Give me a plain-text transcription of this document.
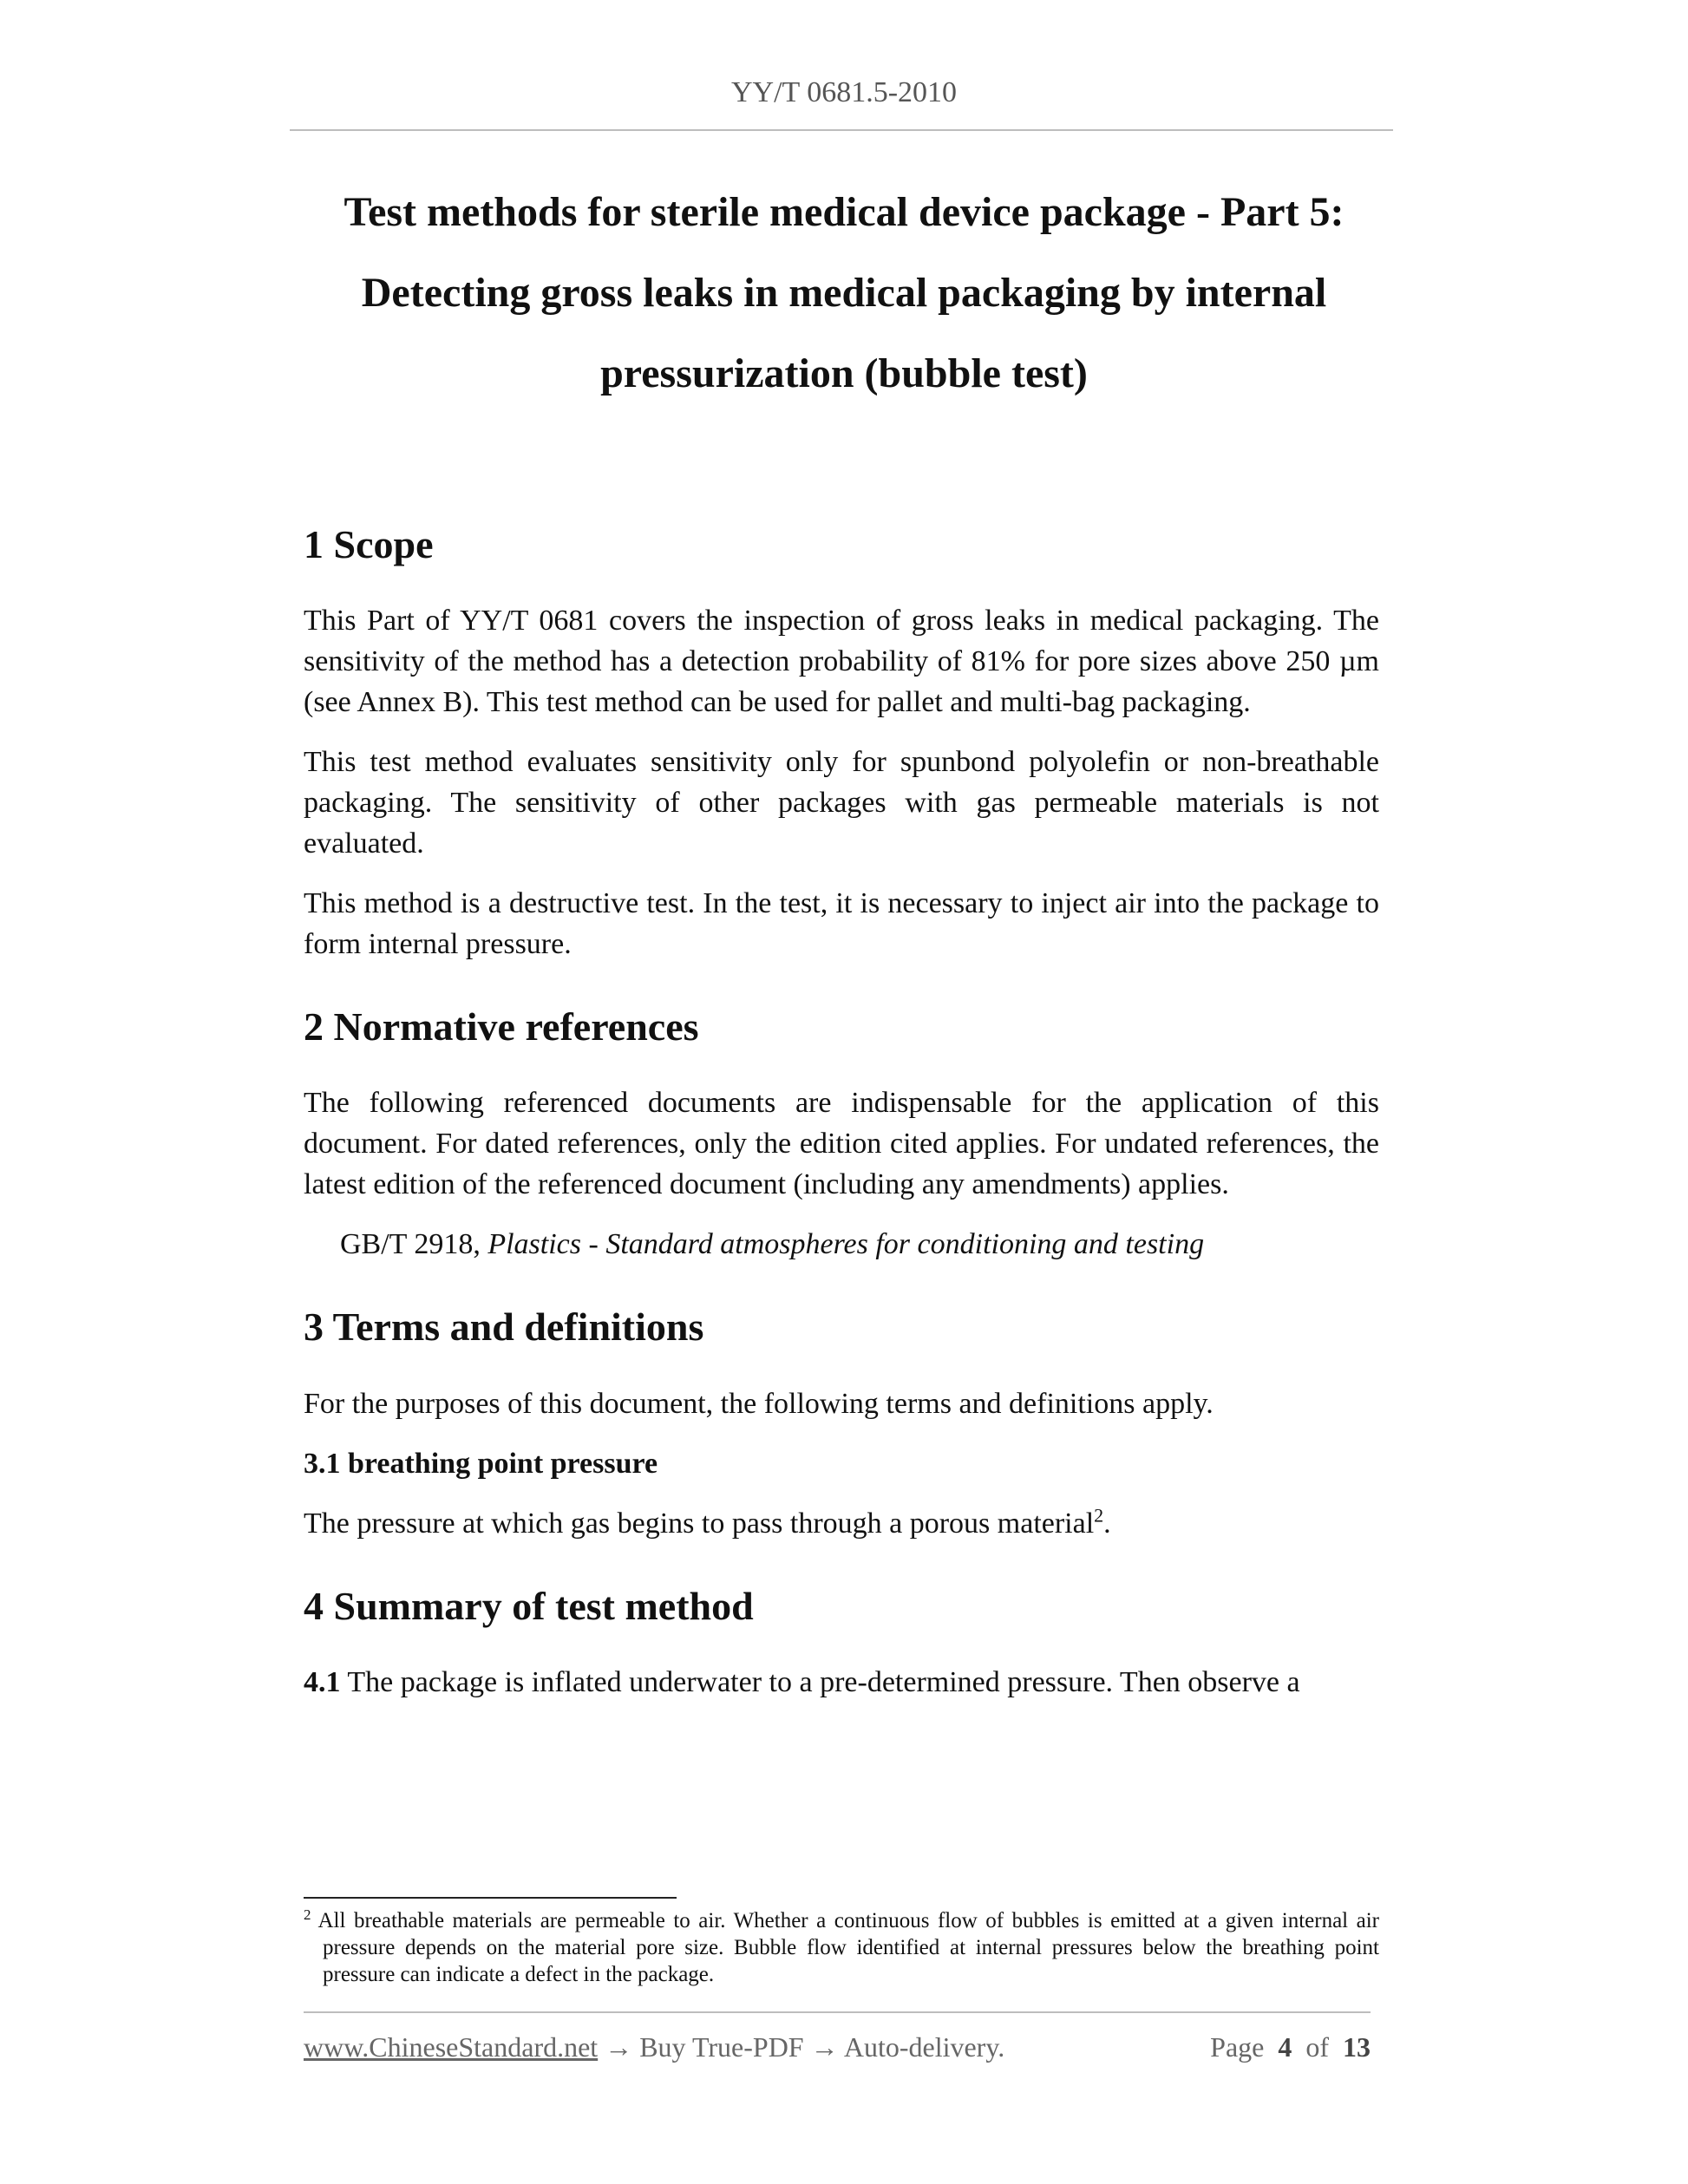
YY/T 0681.5-2010
Test methods for sterile medical device package - Part 5:
Detecting gross leaks in medical packaging by internal
pressurization (bubble test)
1 Scope

This Part of YY/T 0681 covers the inspection of gross leaks in medical packaging. The sensitivity of the method has a detection probability of 81% for pore sizes above 250 µm (see Annex B). This test method can be used for pallet and multi-bag packaging.

This test method evaluates sensitivity only for spunbond polyolefin or non-breathable packaging. The sensitivity of other packages with gas permeable materials is not evaluated.

This method is a destructive test. In the test, it is necessary to inject air into the package to form internal pressure.

2 Normative references

The following referenced documents are indispensable for the application of this document. For dated references, only the edition cited applies. For undated references, the latest edition of the referenced document (including any amendments) applies.

GB/T 2918, Plastics - Standard atmospheres for conditioning and testing

3 Terms and definitions

For the purposes of this document, the following terms and definitions apply.

3.1 breathing point pressure

The pressure at which gas begins to pass through a porous material$^2$.

4 Summary of test method

4.1 The package is inflated underwater to a pre-determined pressure. Then observe a

$^2$ All breathable materials are permeable to air. Whether a continuous flow of bubbles is emitted at a given internal air pressure depends on the material pore size. Bubble flow identified at internal pressures below the breathing point pressure can indicate a defect in the package.
www.ChineseStandard.net → Buy True-PDF → Auto-delivery.	Page 4 of 13
